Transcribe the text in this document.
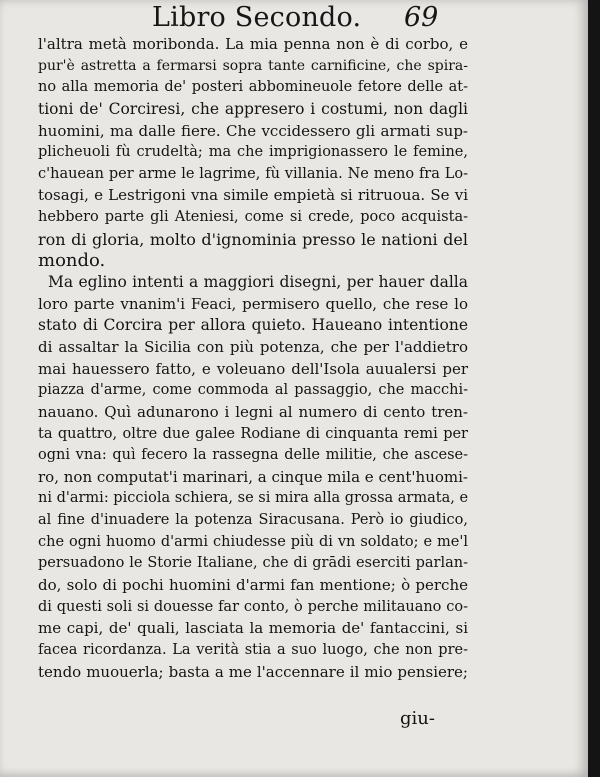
Libro Secondo. 69
l'altra metà moribonda. La mia penna non è di corbo, e
pur'è astretta a fermarsi sopra tante carnificine, che spira-
no alla memoria de' posteri abbomineuole fetore delle at-
tioni de' Corciresi, che appresero i costumi, non dagli
huomini, ma dalle fiere. Che vccidessero gli armati sup-
plicheuoli fù crudeltà; ma che imprigionassero le femine,
c'hauean per arme le lagrime, fù villania. Ne meno fra Lo-
tosagi, e Lestrigoni vna simile empietà si ritruoua. Se vi
hebbero parte gli Ateniesi, come si crede, poco acquista-
ron di gloria, molto d'ignominia presso le nationi del
mondo.
Ma eglino intenti a maggiori disegni, per hauer dalla
loro parte vnanim'i Feaci, permisero quello, che rese lo
stato di Corcira per allora quieto. Haueano intentione
di assaltar la Sicilia con più potenza, che per l'addietro
mai hauessero fatto, e voleuano dell'Isola auualersi per
piazza d'arme, come commoda al passaggio, che macchi-
nauano. Quì adunarono i legni al numero di cento tren-
ta quattro, oltre due galee Rodiane di cinquanta remi per
ogni vna: quì fecero la rassegna delle militie, che ascese-
ro, non computat'i marinari, a cinque mila e cent'huomi-
ni d'armi: picciola schiera, se si mira alla grossa armata, e
al fine d'inuadere la potenza Siracusana. Però io giudico,
che ogni huomo d'armi chiudesse più di vn soldato; e me'l
persuadono le Storie Italiane, che di grādi eserciti parlan-
do, solo di pochi huomini d'armi fan mentione; ò perche
di questi soli si douesse far conto, ò perche militauano co-
me capi, de' quali, lasciata la memoria de' fantaccini, si
facea ricordanza. La verità stia a suo luogo, che non pre-
tendo muouerla; basta a me l'accennare il mio pensiere;
giu-
